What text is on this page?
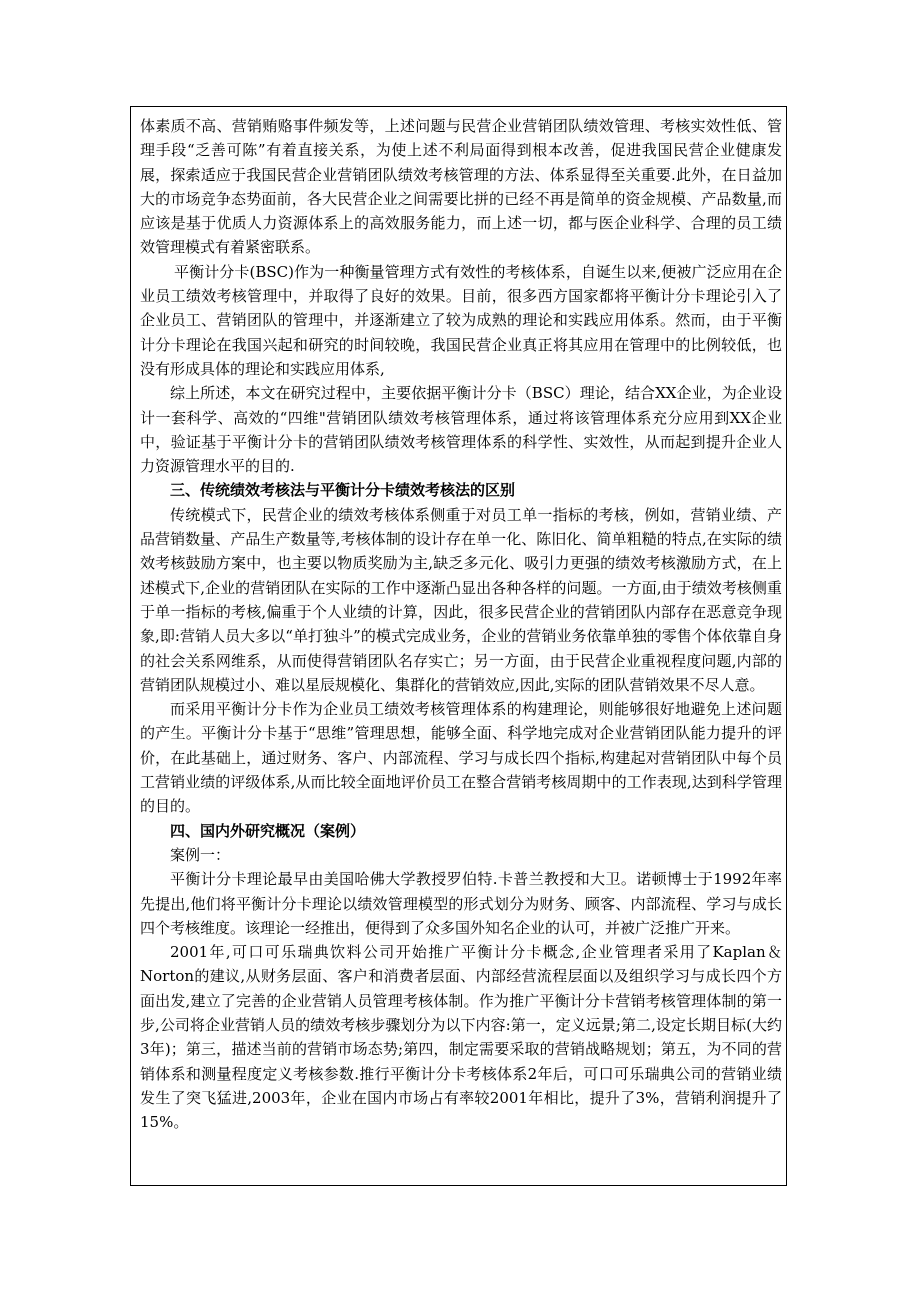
体素质不高、营销贿赂事件频发等，上述问题与民营企业营销团队绩效管理、考核实效性低、管理手段“乏善可陈”有着直接关系，为使上述不利局面得到根本改善，促进我国民营企业健康发展，探索适应于我国民营企业营销团队绩效考核管理的方法、体系显得至关重要.此外，在日益加大的市场竞争态势面前，各大民营企业之间需要比拼的已经不再是简单的资金规模、产品数量,而应该是基于优质人力资源体系上的高效服务能力，而上述一切，都与医企业科学、合理的员工绩效管理模式有着紧密联系。

平衡计分卡(BSC)作为一种衡量管理方式有效性的考核体系，自诞生以来,便被广泛应用在企业员工绩效考核管理中，并取得了良好的效果。目前，很多西方国家都将平衡计分卡理论引入了企业员工、营销团队的管理中，并逐渐建立了较为成熟的理论和实践应用体系。然而，由于平衡计分卡理论在我国兴起和研究的时间较晚，我国民营企业真正将其应用在管理中的比例较低，也没有形成具体的理论和实践应用体系,

综上所述，本文在研究过程中，主要依据平衡计分卡（BSC）理论，结合XX企业，为企业设计一套科学、高效的“四维"营销团队绩效考核管理体系，通过将该管理体系充分应用到XX企业中，验证基于平衡计分卡的营销团队绩效考核管理体系的科学性、实效性，从而起到提升企业人力资源管理水平的目的.

三、传统绩效考核法与平衡计分卡绩效考核法的区别

传统模式下，民营企业的绩效考核体系侧重于对员工单一指标的考核，例如，营销业绩、产品营销数量、产品生产数量等,考核体制的设计存在单一化、陈旧化、简单粗糙的特点,在实际的绩效考核鼓励方案中，也主要以物质奖励为主,缺乏多元化、吸引力更强的绩效考核激励方式，在上述模式下,企业的营销团队在实际的工作中逐渐凸显出各种各样的问题。一方面,由于绩效考核侧重于单一指标的考核,偏重于个人业绩的计算，因此，很多民营企业的营销团队内部存在恶意竞争现象,即:营销人员大多以“单打独斗”的模式完成业务，企业的营销业务依靠单独的零售个体依靠自身的社会关系网维系，从而使得营销团队名存实亡；另一方面，由于民营企业重视程度问题,内部的营销团队规模过小、难以星辰规模化、集群化的营销效应,因此,实际的团队营销效果不尽人意。

而采用平衡计分卡作为企业员工绩效考核管理体系的构建理论，则能够很好地避免上述问题的产生。平衡计分卡基于“思维”管理思想，能够全面、科学地完成对企业营销团队能力提升的评价，在此基础上，通过财务、客户、内部流程、学习与成长四个指标,构建起对营销团队中每个员工营销业绩的评级体系,从而比较全面地评价员工在整合营销考核周期中的工作表现,达到科学管理的目的。

四、国内外研究概况（案例）

案例一：

平衡计分卡理论最早由美国哈佛大学教授罗伯特.卡普兰教授和大卫。诺顿博士于1992年率先提出,他们将平衡计分卡理论以绩效管理模型的形式划分为财务、顾客、内部流程、学习与成长四个考核维度。该理论一经推出，便得到了众多国外知名企业的认可，并被广泛推广开来。

2001年,可口可乐瑞典饮料公司开始推广平衡计分卡概念,企业管理者采用了Kaplan＆Norton的建议,从财务层面、客户和消费者层面、内部经营流程层面以及组织学习与成长四个方面出发,建立了完善的企业营销人员管理考核体制。作为推广平衡计分卡营销考核管理体制的第一步,公司将企业营销人员的绩效考核步骤划分为以下内容:第一，定义远景;第二,设定长期目标(大约3年)；第三，描述当前的营销市场态势;第四，制定需要采取的营销战略规划；第五，为不同的营销体系和测量程度定义考核参数.推行平衡计分卡考核体系2年后，可口可乐瑞典公司的营销业绩发生了突飞猛进,2003年，企业在国内市场占有率较2001年相比，提升了3%，营销利润提升了15%。
